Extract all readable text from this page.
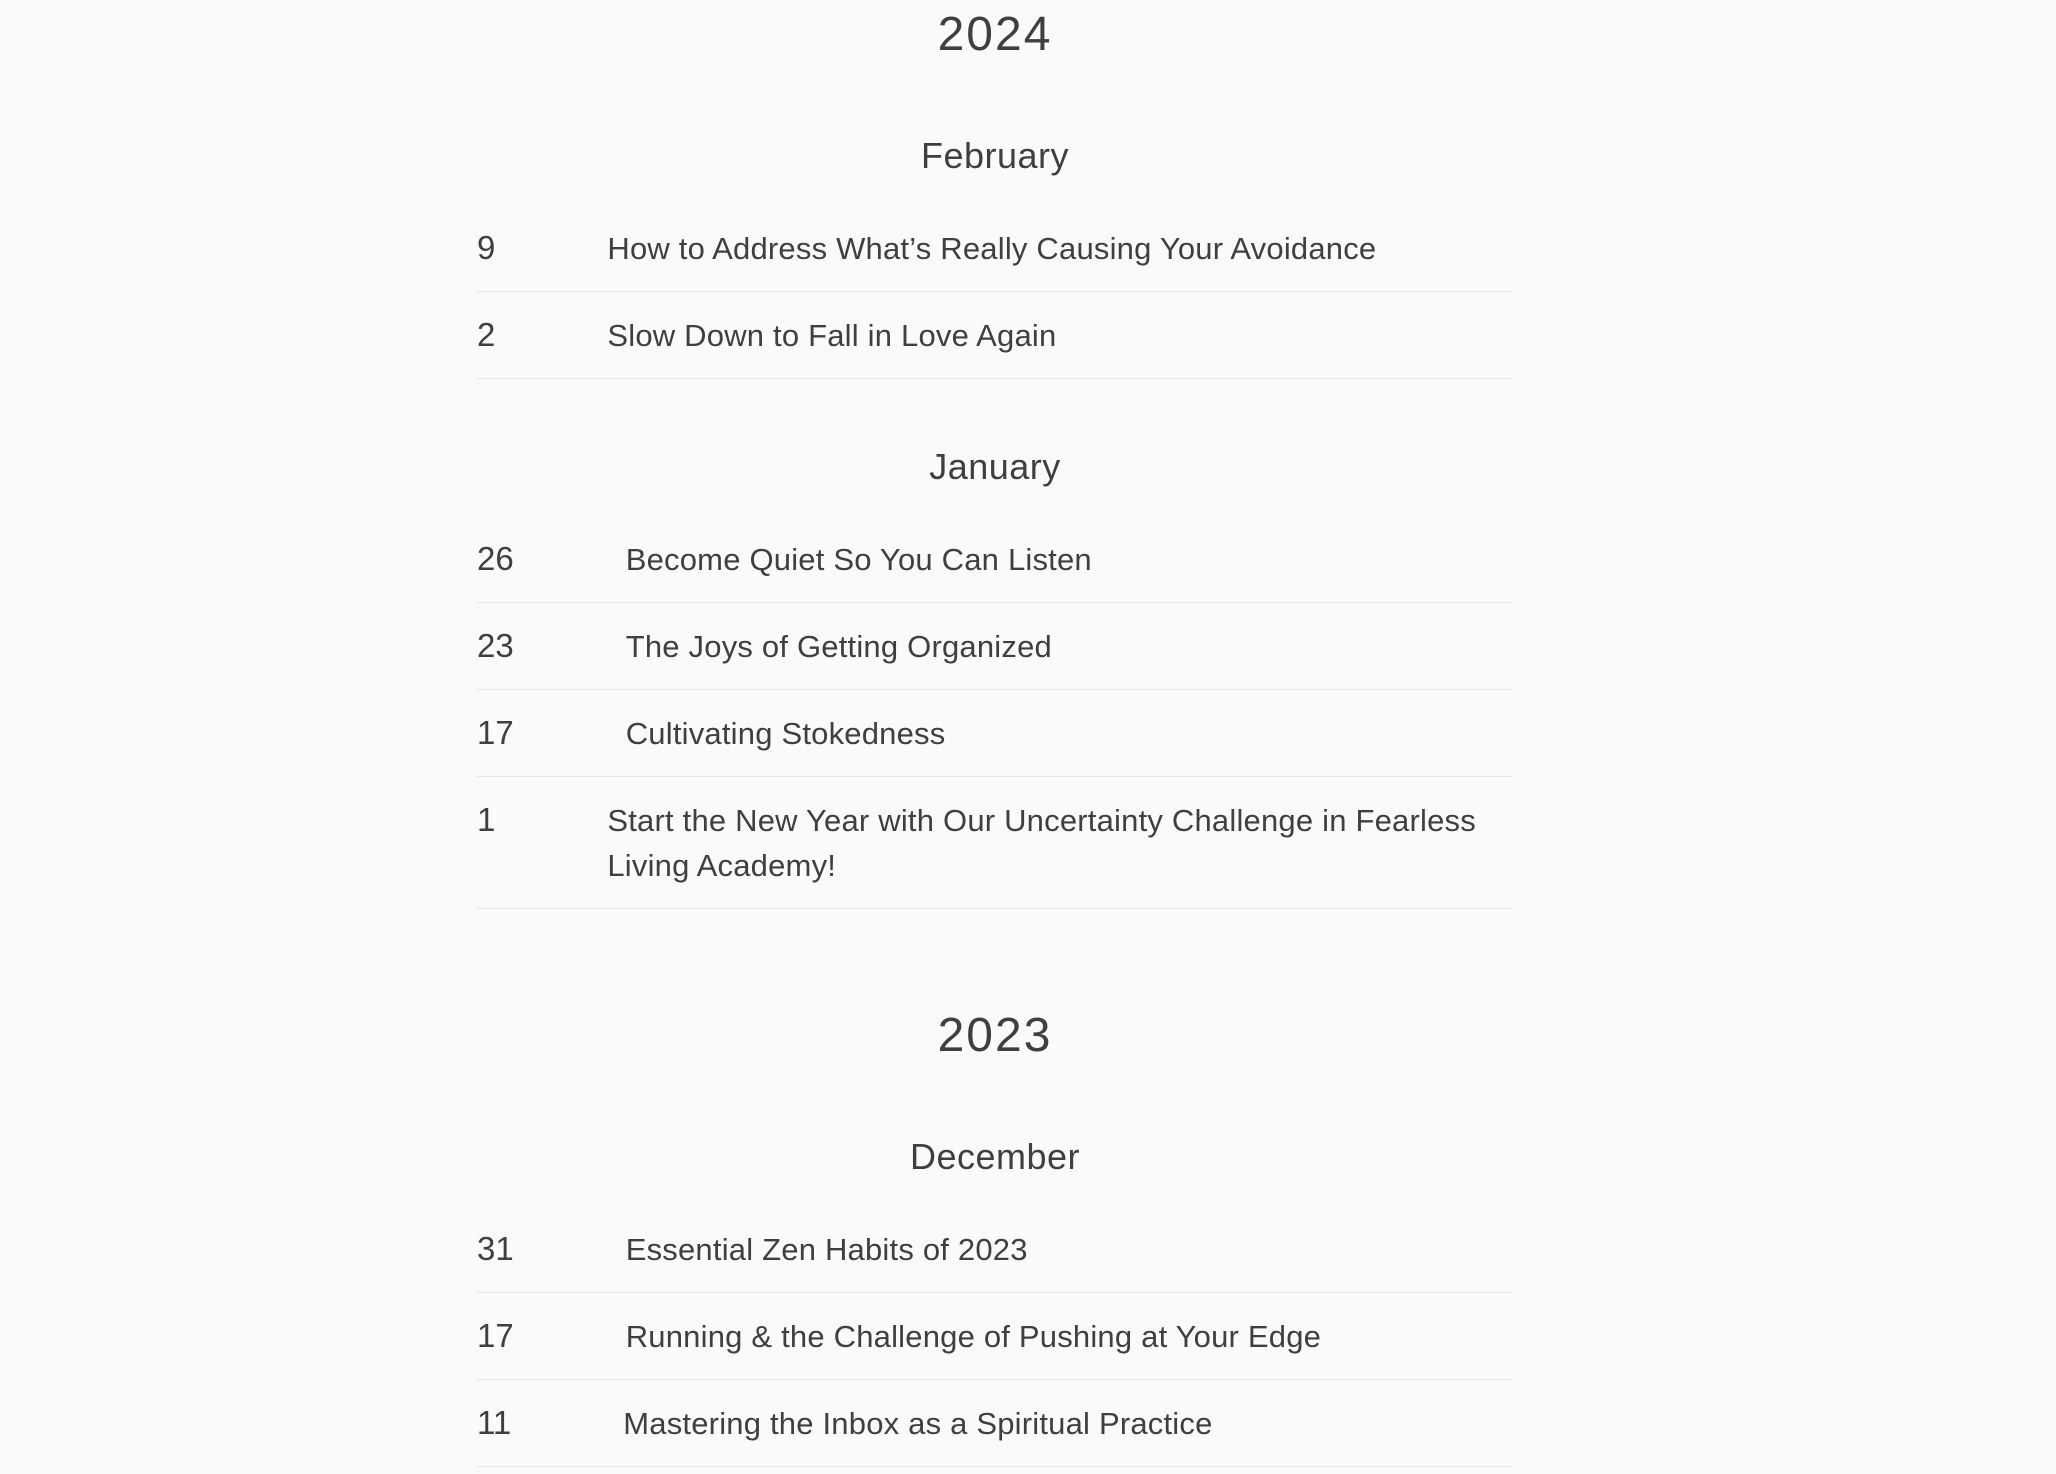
2024
February
9	How to Address What’s Really Causing Your Avoidance
2	Slow Down to Fall in Love Again
January
26	Become Quiet So You Can Listen
23	The Joys of Getting Organized
17	Cultivating Stokedness
1	Start the New Year with Our Uncertainty Challenge in Fearless Living Academy!
2023
December
31	Essential Zen Habits of 2023
17	Running & the Challenge of Pushing at Your Edge
11	Mastering the Inbox as a Spiritual Practice
